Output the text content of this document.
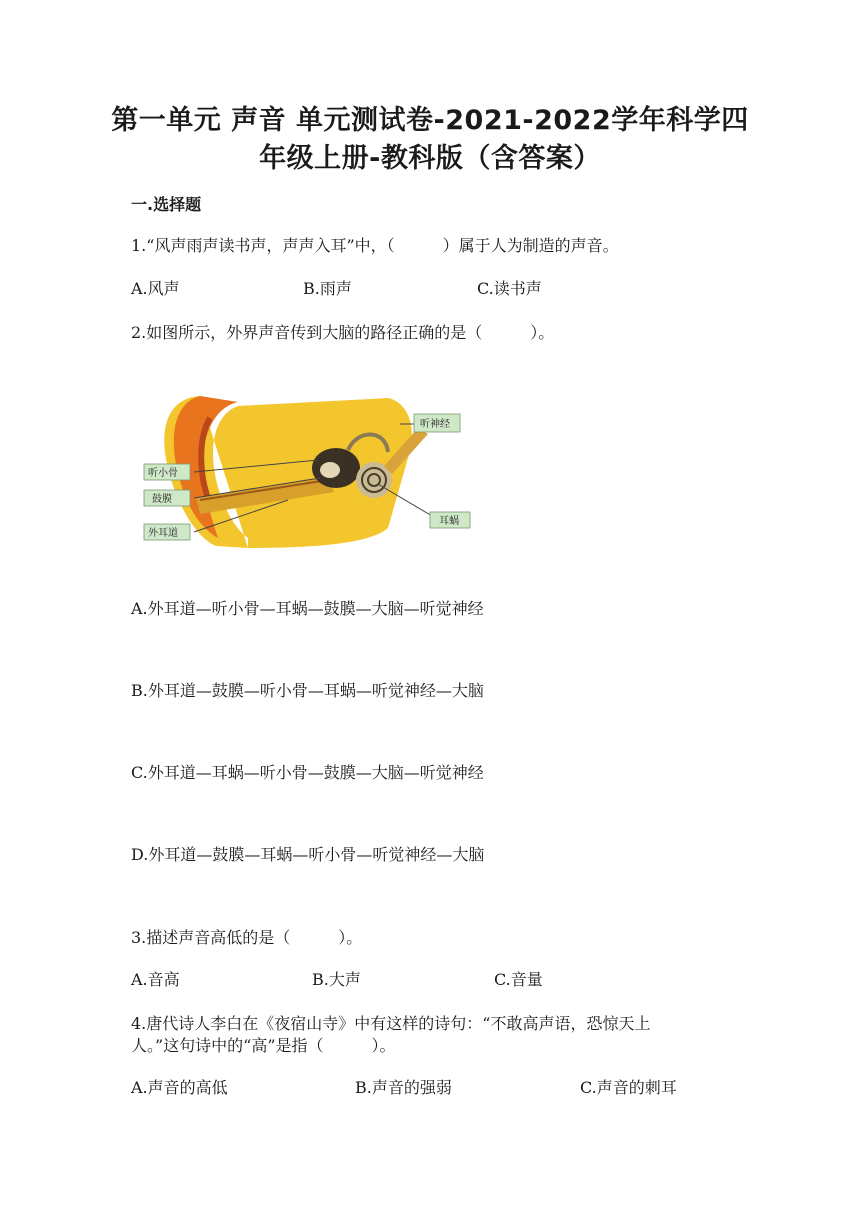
第一单元 声音 单元测试卷-2021-2022学年科学四
年级上册-教科版（含答案）
一.选择题
1.“风声雨声读书声，声声入耳”中，（　　　）属于人为制造的声音。
A.风声	B.雨声	C.读书声
2.如图所示，外界声音传到大脑的路径正确的是（　　　）。
听神经
听小骨
鼓膜
外耳道
耳蜗
A.外耳道—听小骨—耳蜗—鼓膜—大脑—听觉神经
B.外耳道—鼓膜—听小骨—耳蜗—听觉神经—大脑
C.外耳道—耳蜗—听小骨—鼓膜—大脑—听觉神经
D.外耳道—鼓膜—耳蜗—听小骨—听觉神经—大脑
3.描述声音高低的是（　　　）。
A.音高	B.大声	C.音量
4.唐代诗人李白在《夜宿山寺》中有这样的诗句：“不敢高声语，恐惊天上
人。”这句诗中的“高”是指（　　　）。
A.声音的高低	B.声音的强弱	C.声音的刺耳
